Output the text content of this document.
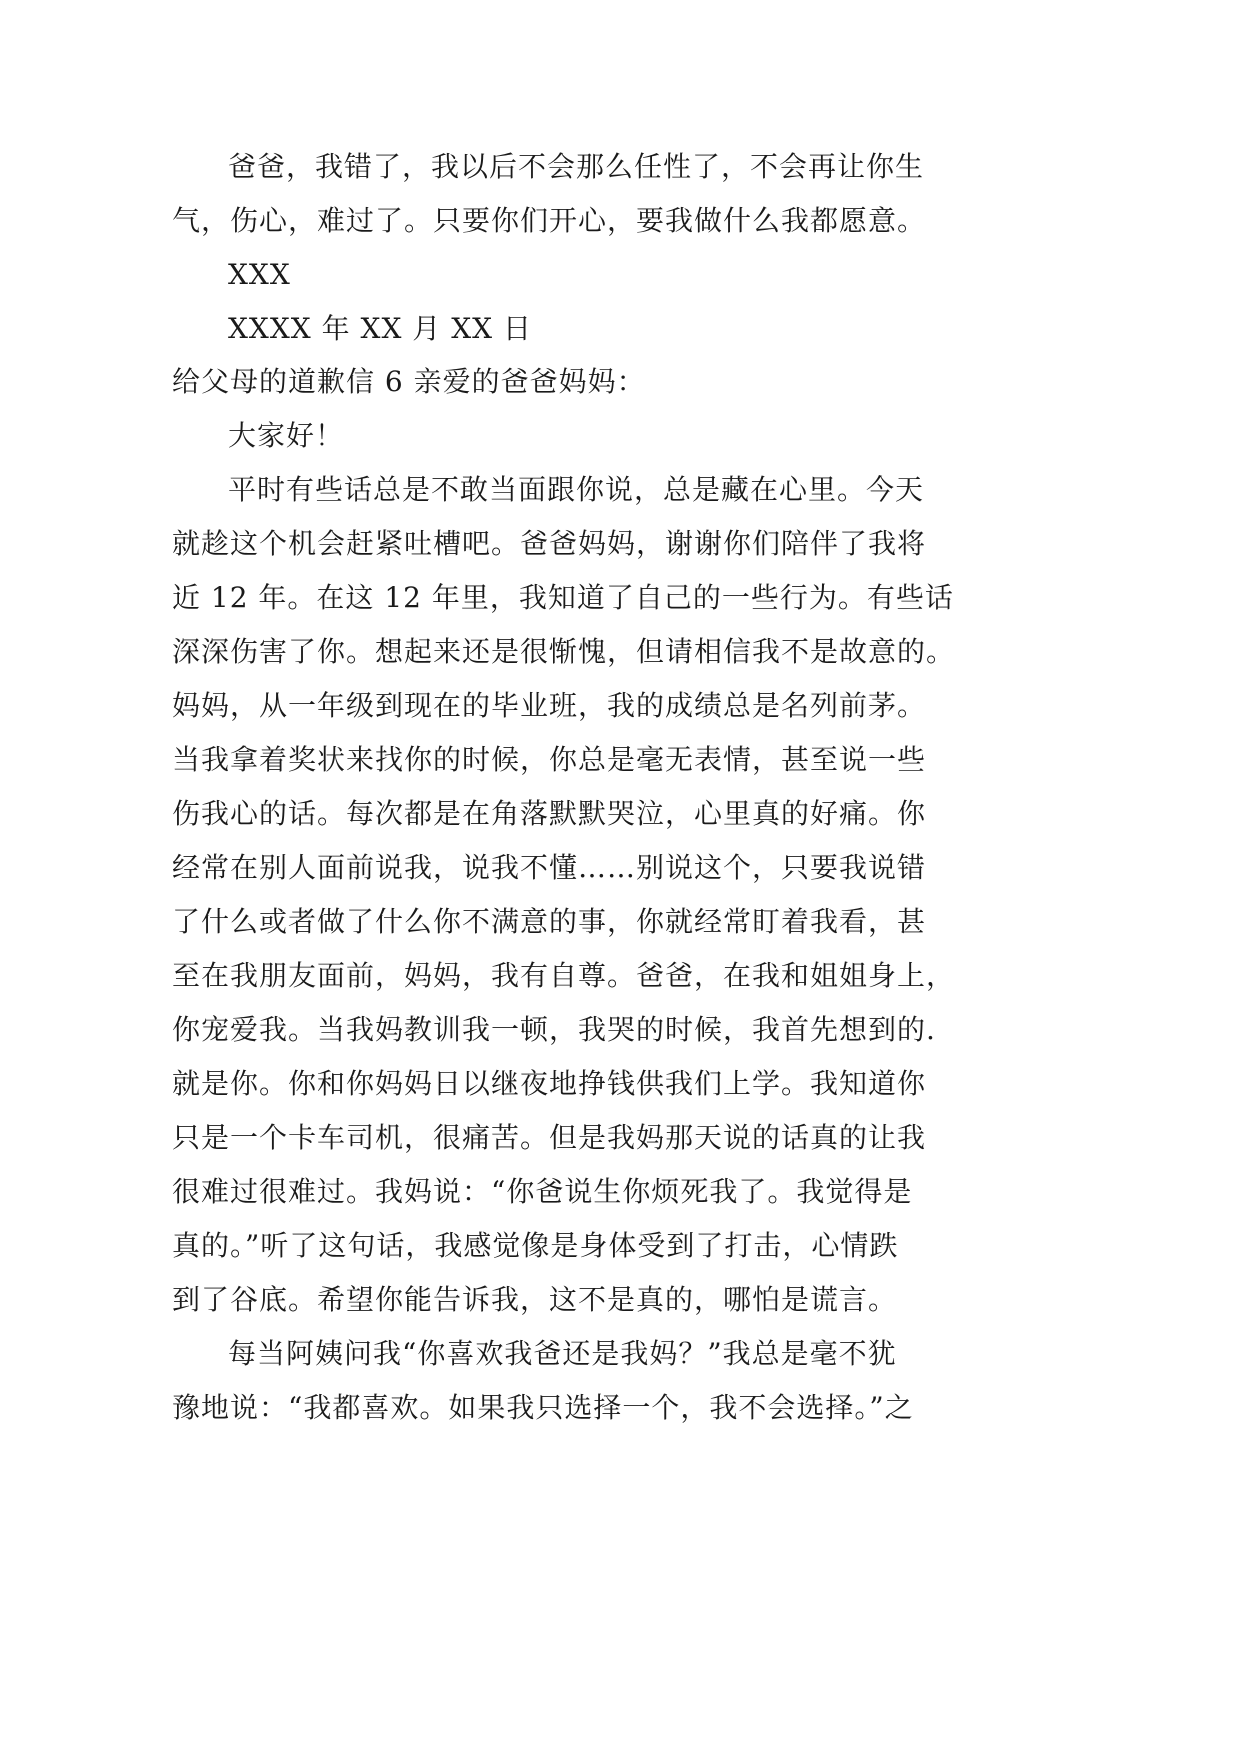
爸爸，我错了，我以后不会那么任性了，不会再让你生
气，伤心，难过了。只要你们开心，要我做什么我都愿意。
XXX
XXXX 年 XX 月 XX 日
给父母的道歉信 6 亲爱的爸爸妈妈：
大家好！
平时有些话总是不敢当面跟你说，总是藏在心里。今天
就趁这个机会赶紧吐槽吧。爸爸妈妈，谢谢你们陪伴了我将
近 12 年。在这 12 年里，我知道了自己的一些行为。有些话
深深伤害了你。想起来还是很惭愧，但请相信我不是故意的。
妈妈，从一年级到现在的毕业班，我的成绩总是名列前茅。
当我拿着奖状来找你的时候，你总是毫无表情，甚至说一些
伤我心的话。每次都是在角落默默哭泣，心里真的好痛。你
经常在别人面前说我，说我不懂……别说这个，只要我说错
了什么或者做了什么你不满意的事，你就经常盯着我看，甚
至在我朋友面前，妈妈，我有自尊。爸爸，在我和姐姐身上，
你宠爱我。当我妈教训我一顿，我哭的时候，我首先想到的.
就是你。你和你妈妈日以继夜地挣钱供我们上学。我知道你
只是一个卡车司机，很痛苦。但是我妈那天说的话真的让我
很难过很难过。我妈说：“你爸说生你烦死我了。我觉得是
真的。”听了这句话，我感觉像是身体受到了打击，心情跌
到了谷底。希望你能告诉我，这不是真的，哪怕是谎言。
每当阿姨问我“你喜欢我爸还是我妈？”我总是毫不犹
豫地说：“我都喜欢。如果我只选择一个，我不会选择。”之
